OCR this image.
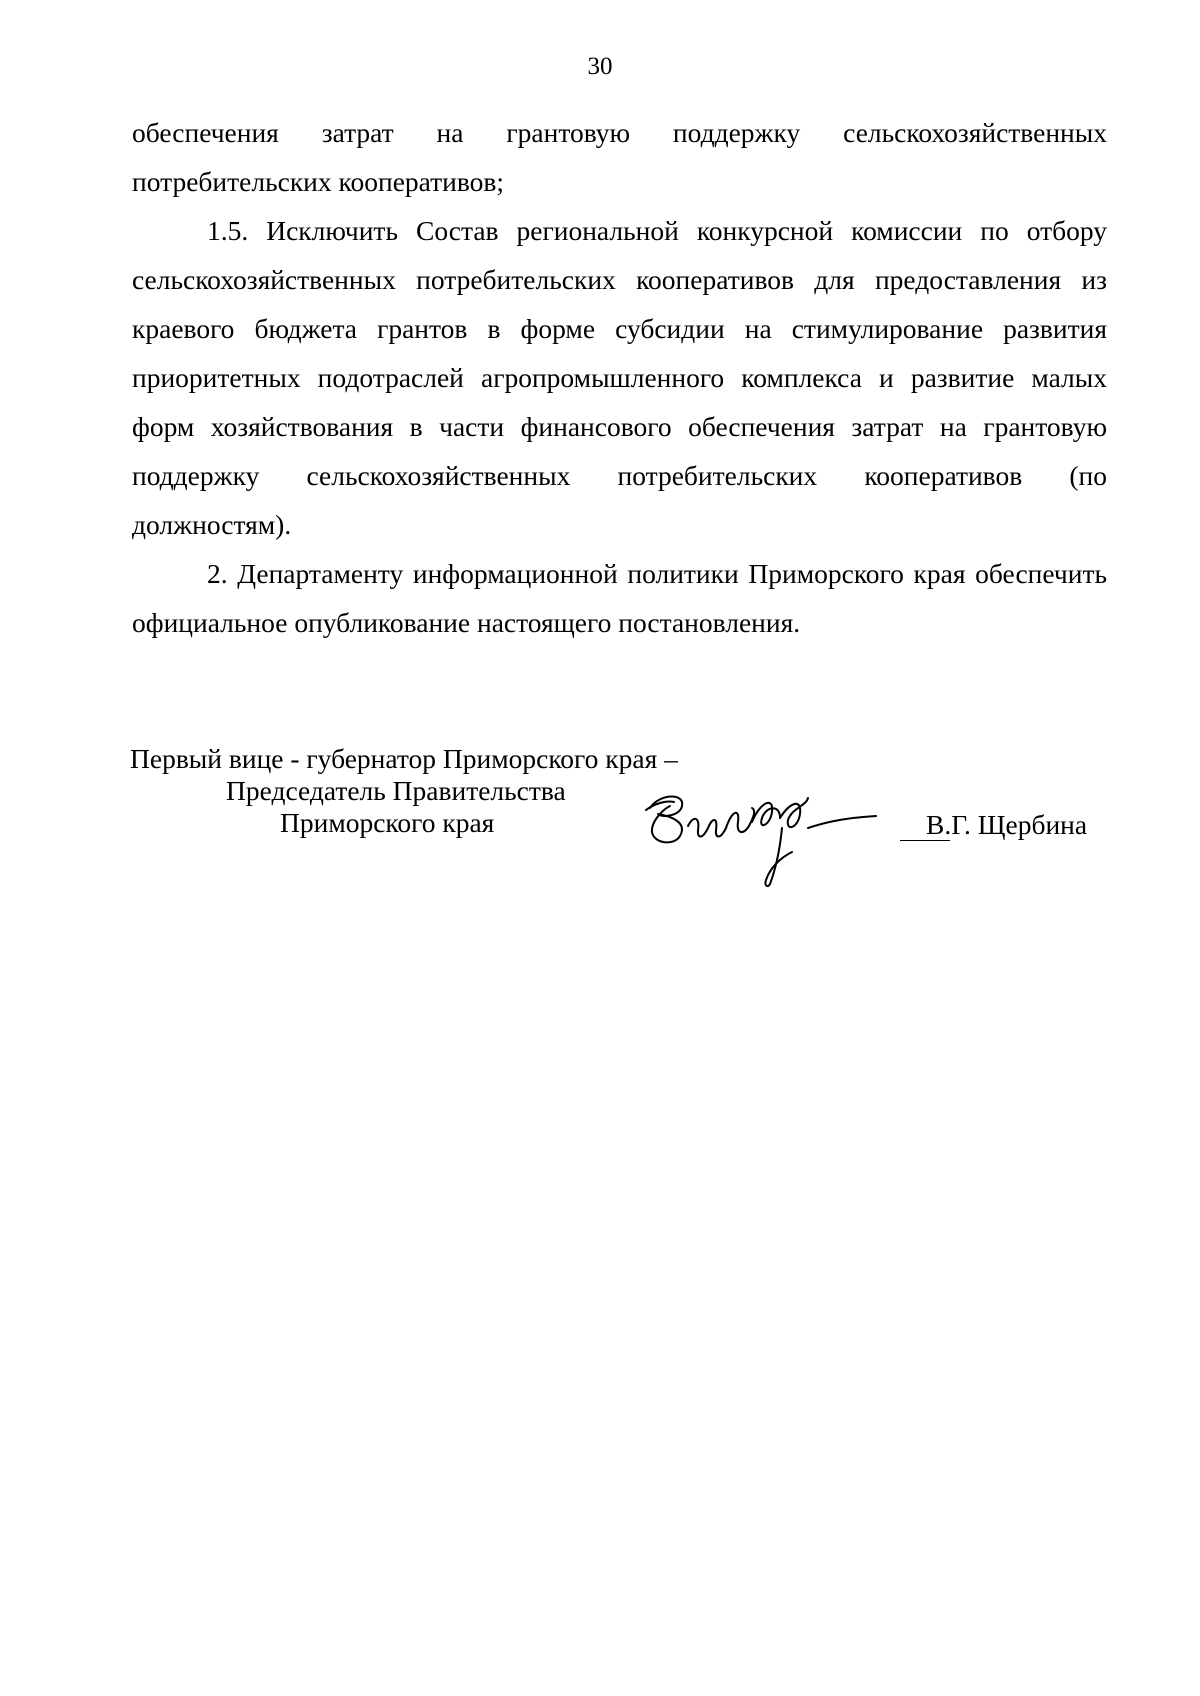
30

обеспечения затрат на грантовую поддержку сельскохозяйственных потребительских кооперативов;

1.5. Исключить Состав региональной конкурсной комиссии по отбору сельскохозяйственных потребительских кооперативов для предоставления из краевого бюджета грантов в форме субсидии на стимулирование развития приоритетных подотраслей агропромышленного комплекса и развитие малых форм хозяйствования в части финансового обеспечения затрат на грантовую поддержку сельскохозяйственных потребительских кооперативов (по должностям).

2. Департаменту информационной политики Приморского края обеспечить официальное опубликование настоящего постановления.

Первый вице - губернатор Приморского края –
Председатель Правительства
Приморского края	В.Г. Щербина
